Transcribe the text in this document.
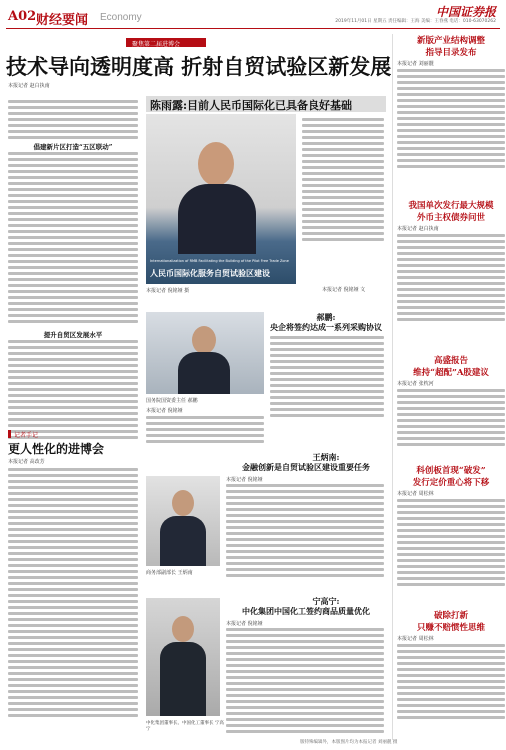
A02 财经要闻 Economy	中国证券报
2019年11月01日 星期五 责任编辑：王海 美编：王春燕 电话：010-63070262
聚焦第二届进博会
技术导向透明度高 折射自贸试验区新发展
本报记者 赵白执南
倡建新片区打造“五区联动”
提升自贸区发展水平
陈雨露:目前人民币国际化已具备良好基础
Internationalization of RMB Facilitating the Building of the Pilot Free Trade Zone
人民币国际化服务自贸试验区建设
本报记者 倪铭娅 文
本报记者 倪铭娅 摄
记者手记
更人性化的进博会
本报记者 高改芳
国务院国资委主任 郝鹏
郝鹏:
央企将签约达成一系列采购协议
本报记者 倪铭娅
王炳南:
金融创新是自贸试验区建设重要任务
商务部副部长 王炳南
本报记者 倪铭娅
宁高宁:
中化集团中国化工签约商品质量优化
中化集团董事长、中国化工董事长 宁高宁
本报记者 倪铭娅
新版产业结构调整
指导目录发布
本报记者 刘丽靓
我国单次发行最大规模
外币主权债券问世
本报记者 赵白执南
高盛报告
维持“超配”A股建议
本报记者 张枕河
科创板首现“破发”
发行定价重心将下移
本报记者 周松林
破除打新
只赚不赔惯性思维
本报记者 周松林
版特殊编辑外，本版图片均为本报记者 刘丽靓 摄
